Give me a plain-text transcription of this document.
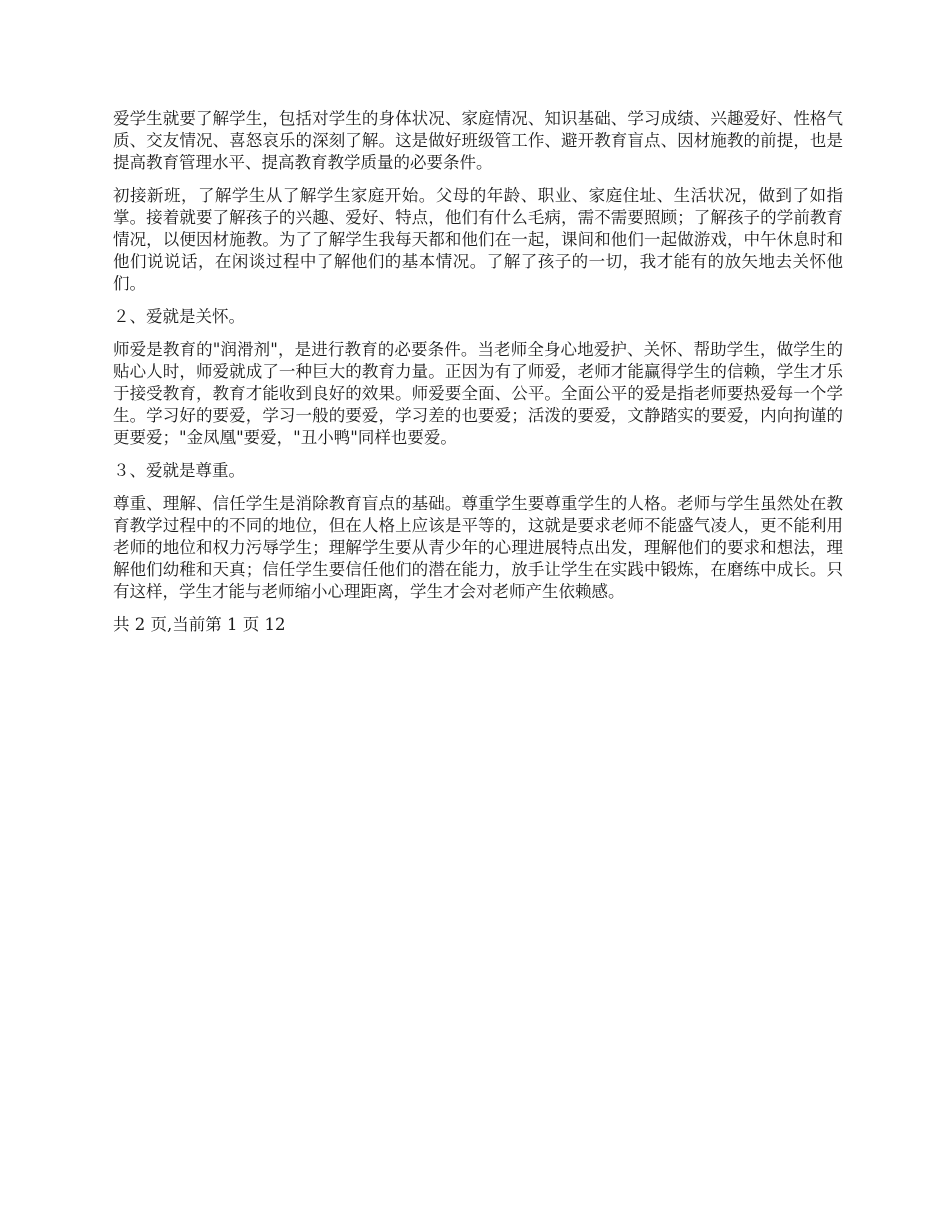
爱学生就要了解学生，包括对学生的身体状况、家庭情况、知识基础、学习成绩、兴趣爱好、性格气质、交友情况、喜怒哀乐的深刻了解。这是做好班级管工作、避开教育盲点、因材施教的前提，也是提高教育管理水平、提高教育教学质量的必要条件。

初接新班，了解学生从了解学生家庭开始。父母的年龄、职业、家庭住址、生活状况，做到了如指掌。接着就要了解孩子的兴趣、爱好、特点，他们有什么毛病，需不需要照顾；了解孩子的学前教育情况，以便因材施教。为了了解学生我每天都和他们在一起，课间和他们一起做游戏，中午休息时和他们说说话，在闲谈过程中了解他们的基本情况。了解了孩子的一切，我才能有的放矢地去关怀他们。

２、爱就是关怀。

师爱是教育的"润滑剂"，是进行教育的必要条件。当老师全身心地爱护、关怀、帮助学生，做学生的贴心人时，师爱就成了一种巨大的教育力量。正因为有了师爱，老师才能赢得学生的信赖，学生才乐于接受教育，教育才能收到良好的效果。师爱要全面、公平。全面公平的爱是指老师要热爱每一个学生。学习好的要爱，学习一般的要爱，学习差的也要爱；活泼的要爱，文静踏实的要爱，内向拘谨的更要爱；"金凤凰"要爱，"丑小鸭"同样也要爱。

３、爱就是尊重。

尊重、理解、信任学生是消除教育盲点的基础。尊重学生要尊重学生的人格。老师与学生虽然处在教育教学过程中的不同的地位，但在人格上应该是平等的，这就是要求老师不能盛气凌人，更不能利用老师的地位和权力污辱学生；理解学生要从青少年的心理进展特点出发，理解他们的要求和想法，理解他们幼稚和天真；信任学生要信任他们的潜在能力，放手让学生在实践中锻炼，在磨练中成长。只有这样，学生才能与老师缩小心理距离，学生才会对老师产生依赖感。

共 2 页,当前第 1 页 12
